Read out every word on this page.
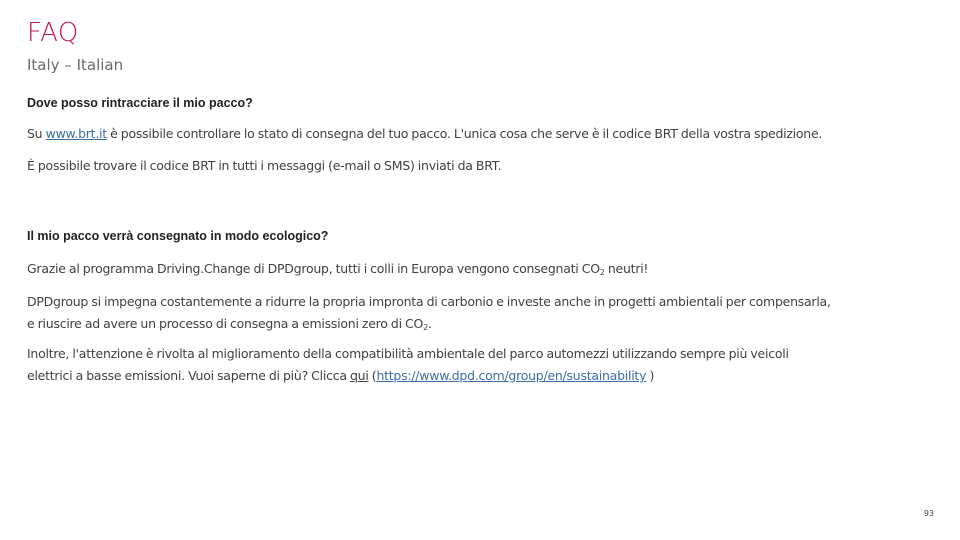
FAQ
Italy – Italian
Dove posso rintracciare il mio pacco?
Su www.brt.it è possibile controllare lo stato di consegna del tuo pacco. L'unica cosa che serve è il codice BRT della vostra spedizione.
È possibile trovare il codice BRT in tutti i messaggi (e-mail o SMS) inviati da BRT.
Il mio pacco verrà consegnato in modo ecologico?
Grazie al programma Driving.Change di DPDgroup, tutti i colli in Europa vengono consegnati $CO_2$ neutri!
DPDgroup si impegna costantemente a ridurre la propria impronta di carbonio e investe anche in progetti ambientali per compensarla,
e riuscire ad avere un processo di consegna a emissioni zero di $CO_2$.
Inoltre, l'attenzione è rivolta al miglioramento della compatibilità ambientale del parco automezzi utilizzando sempre più veicoli
elettrici a basse emissioni. Vuoi saperne di più? Clicca qui (https://www.dpd.com/group/en/sustainability )
93
